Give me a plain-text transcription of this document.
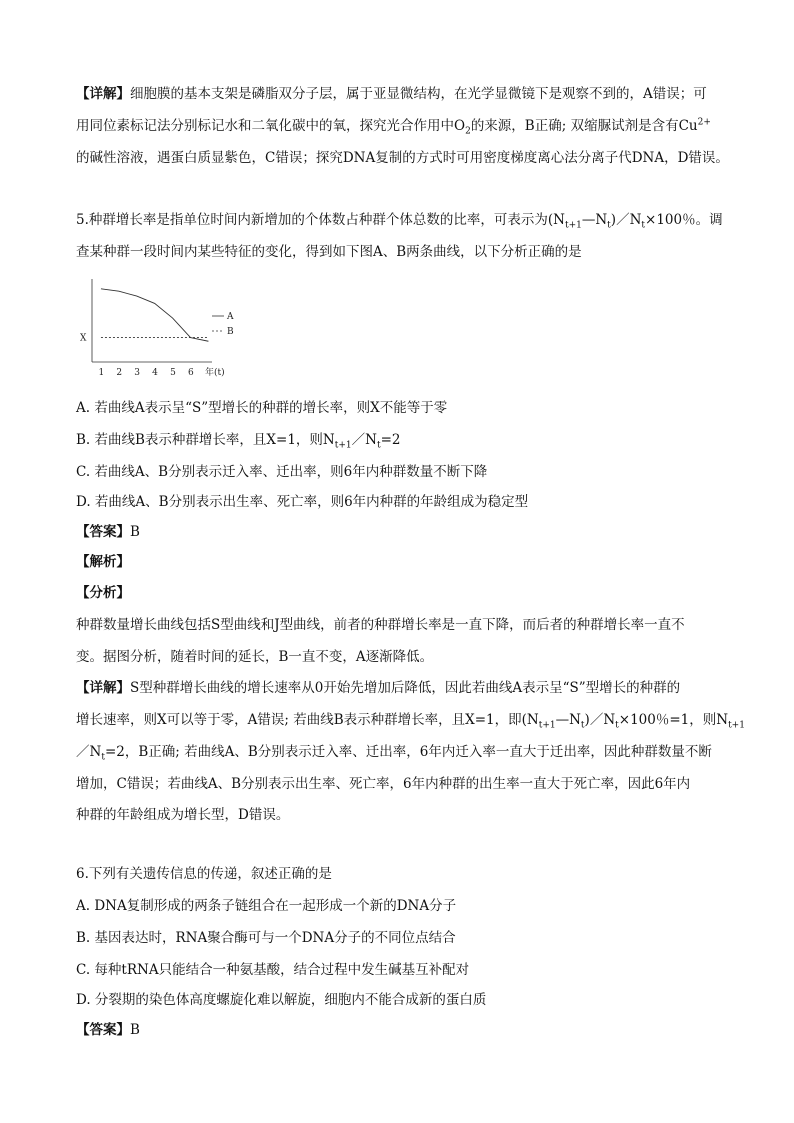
【详解】细胞膜的基本支架是磷脂双分子层，属于亚显微结构，在光学显微镜下是观察不到的，A错误；可
用同位素标记法分别标记水和二氧化碳中的氧，探究光合作用中$O_2$的来源，B正确; 双缩脲试剂是含有$Cu^{2+}$
的碱性溶液，遇蛋白质显紫色，C错误；探究DNA复制的方式时可用密度梯度离心法分离子代DNA，D错误。
5.种群增长率是指单位时间内新增加的个体数占种群个体总数的比率，可表示为$(N_{t+1}—N_t)/N_t\times 100$％。调
查某种群一段时间内某些特征的变化，得到如下图A、B两条曲线，以下分析正确的是
1 2 3 4 5 6
X
年(t)
A
B
A. 若曲线A表示呈“S”型增长的种群的增长率，则X不能等于零
B. 若曲线B表示种群增长率，且X=1，则$N_{t+1}/N_t=2$
C. 若曲线A、B分别表示迁入率、迁出率，则6年内种群数量不断下降
D. 若曲线A、B分别表示出生率、死亡率，则6年内种群的年龄组成为稳定型
【答案】B
【解析】
【分析】
种群数量增长曲线包括S型曲线和J型曲线，前者的种群增长率是一直下降，而后者的种群增长率一直不
变。据图分析，随着时间的延长，B一直不变，A逐渐降低。
【详解】S型种群增长曲线的增长速率从0开始先增加后降低，因此若曲线A表示呈“S”型增长的种群的
增长速率，则X可以等于零，A错误; 若曲线B表示种群增长率，且X=1，即$(N_{t+1}—N_t)/N_t\times 100$％=1，则$N_{t+1}$
$/N_t=2$，B正确; 若曲线A、B分别表示迁入率、迁出率，6年内迁入率一直大于迁出率，因此种群数量不断
增加，C错误；若曲线A、B分别表示出生率、死亡率，6年内种群的出生率一直大于死亡率，因此6年内
种群的年龄组成为增长型，D错误。
6.下列有关遗传信息的传递，叙述正确的是
A. DNA复制形成的两条子链组合在一起形成一个新的DNA分子
B. 基因表达时，RNA聚合酶可与一个DNA分子的不同位点结合
C. 每种tRNA只能结合一种氨基酸，结合过程中发生碱基互补配对
D. 分裂期的染色体高度螺旋化难以解旋，细胞内不能合成新的蛋白质
【答案】B
